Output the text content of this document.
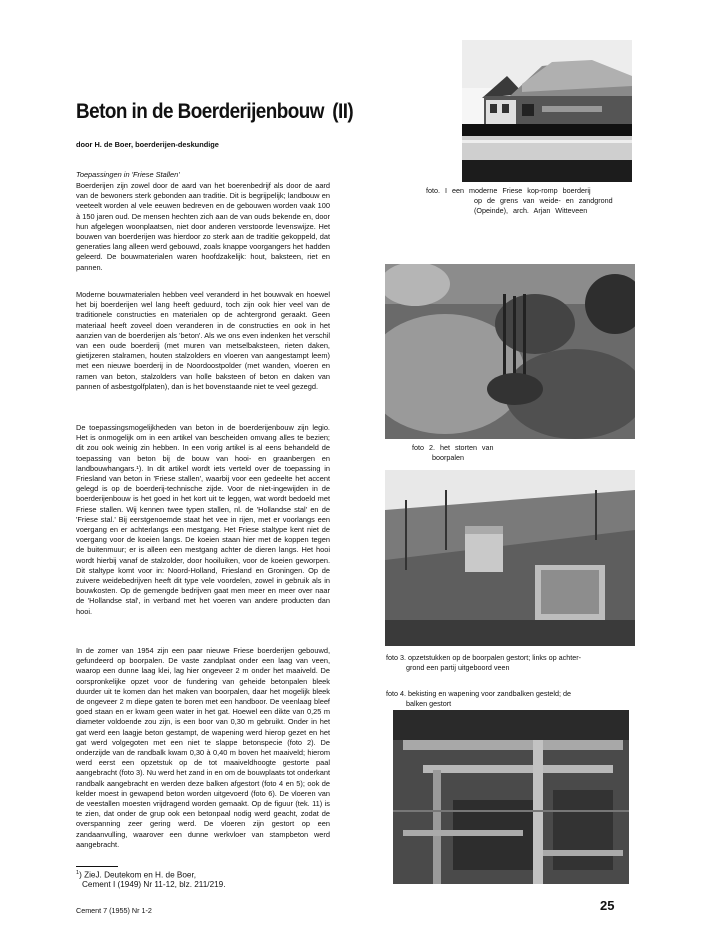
Beton in de Boerderijenbouw (II)
door H. de Boer, boerderijen-deskundige
Toepassingen in 'Friese Stallen'

Boerderijen zijn zowel door de aard van het boerenbedrijf als door de aard van de bewoners sterk gebonden aan traditie. Dit is begrijpelijk; landbouw en veeteelt worden al vele eeuwen bedreven en de gebouwen worden vaak 100 à 150 jaren oud. De mensen hechten zich aan de van ouds bekende en, door hun afgelegen woonplaatsen, niet door anderen verstoorde levenswijze. Het bouwen van boerderijen was hierdoor zo sterk aan de traditie gekoppeld, dat generaties lang alleen werd gebouwd, zoals knappe voorgangers het hadden geleerd. De bouwmaterialen waren hoofdzakelijk: hout, baksteen, riet en pannen.

Moderne bouwmaterialen hebben veel veranderd in het bouwvak en hoewel het bij boerderijen wel lang heeft geduurd, toch zijn ook hier veel van de traditionele constructies en materialen op de achtergrond geraakt. Geen materiaal heeft zoveel doen veranderen in de constructies en ook in het aanzien van de boerderijen als 'beton'. Als we ons even indenken het verschil van een oude boerderij (met muren van metselbaksteen, rieten daken, gietijzeren stalramen, houten stalzolders en vloeren van aangestampt leem) met een nieuwe boerderij in de Noordoostpolder (met wanden, vloeren en ramen van beton, stalzolders van holle baksteen of beton en daken van pannen of asbestgolfplaten), dan is het bovenstaande niet te veel gezegd.

De toepassingsmogelijkheden van beton in de boerderijenbouw zijn legio. Het is onmogelijk om in een artikel van bescheiden omvang alles te bezien; dit zou ook weinig zin hebben. In een vorig artikel is al eens behandeld de toepassing van beton bij de bouw van hooi- en graanbergen en landbouwhangars.¹). In dit artikel wordt iets verteld over de toepassing in Friesland van beton in 'Friese stallen', waarbij voor een gedeelte het accent gelegd is op de boerderij-technische zijde. Voor de niet-ingewijden in de boerderijenbouw is het goed in het kort uit te leggen, wat wordt bedoeld met Friese stallen. Wij kennen twee typen stallen, nl. de 'Hollandse stal' en de 'Friese stal.' Bij eerstgenoemde staat het vee in rijen, met er voorlangs een voergang en er achterlangs een mestgang. Het Friese staltype kent niet de voergang voor de koeien langs. De koeien staan hier met de koppen tegen de buitenmuur; er is alleen een mestgang achter de dieren langs. Het hooi wordt hierbij vanaf de stalzolder, door hooiluiken, voor de koeien geworpen. Dit staltype komt voor in: Noord-Holland, Friesland en Groningen. Op de zuivere weidebedrijven heeft dit type vele voordelen, zowel in gebruik als in bouwkosten. Op de gemengde bedrijven gaat men meer en meer over naar de 'Hollandse stal', in verband met het voeren van andere producten dan hooi.

In de zomer van 1954 zijn een paar nieuwe Friese boerderijen gebouwd, gefundeerd op boorpalen. De vaste zandplaat onder een laag van veen, waarop een dunne laag klei, lag hier ongeveer 2 m onder het maaiveld. De oorspronkelijke opzet voor de fundering van geheide betonpalen bleek duurder uit te komen dan het maken van boorpalen, daar het mogelijk bleek de ongeveer 2 m diepe gaten te boren met een handboor. De veenlaag bleef goed staan en er kwam geen water in het gat. Hoewel een dikte van 0,25 m diameter voldoende zou zijn, is een boor van 0,30 m gebruikt. Onder in het gat werd een laagje beton gestampt, de wapening werd hierop gezet en het gat werd volgegoten met een niet te slappe betonspecie (foto 2). De onderzijde van de randbalk kwam 0,30 à 0,40 m boven het maaiveld; hierom werd eerst een opzetstuk op de tot maaiveldhoogte gestorte paal aangebracht (foto 3). Nu werd het zand in en om de bouwplaats tot onderkant randbalk aangebracht en werden deze balken afgestort (foto 4 en 5); ook de kelder moest in gewapend beton worden uitgevoerd (foto 6). De vloeren van de veestallen moesten vrijdragend worden gemaakt. Op de figuur (tek. 11) is te zien, dat onder de grup ook een betonpaal nodig werd geacht, zodat de overspanning zeer gering werd. De vloeren zijn gestort op een zandaanvulling, waarover een dunne werkvloer van stampbeton werd aangebracht.

$^1$) ZieJ. Deutekom en H. de Boer,
Cement I (1949) Nr 11-12, blz. 211/219.
Cement 7 (1955) Nr 1-2	25
foto. I een moderne Friese kop-romp boerderij
op de grens van weide- en zandgrond
(Opeinde), arch. Arjan Witteveen
foto 2. het storten van
boorpalen
foto 3. opzetstukken op de boorpalen gestort; links op achter-
grond een partij uitgeboord veen
foto 4. bekisting en wapening voor zandbalken gesteld; de
balken gestort
